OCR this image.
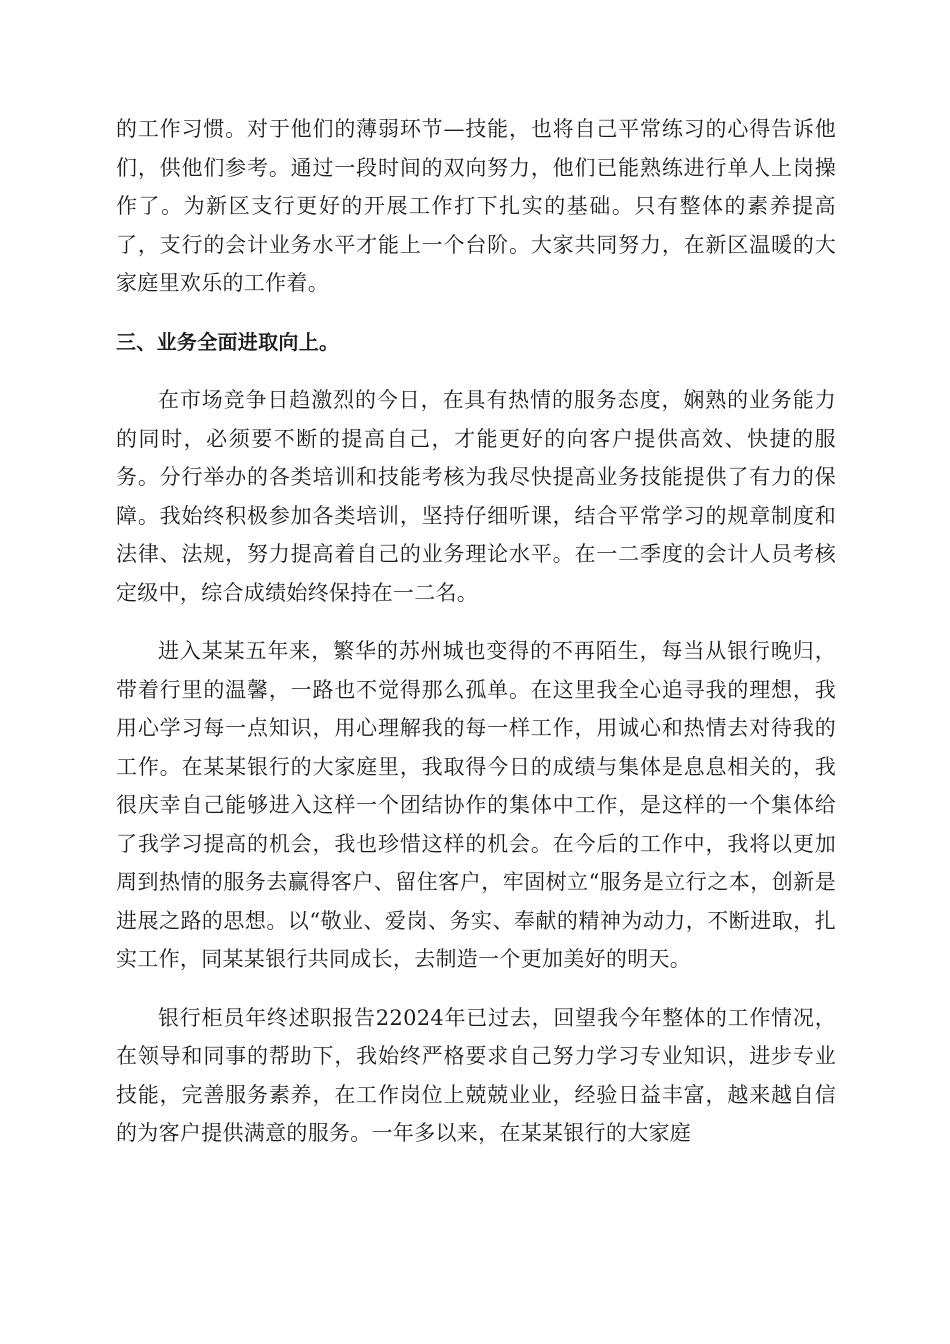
的工作习惯。对于他们的薄弱环节—技能，也将自己平常练习的心得告诉他们，供他们参考。通过一段时间的双向努力，他们已能熟练进行单人上岗操作了。为新区支行更好的开展工作打下扎实的基础。只有整体的素养提高了，支行的会计业务水平才能上一个台阶。大家共同努力，在新区温暖的大家庭里欢乐的工作着。

三、业务全面进取向上。

在市场竞争日趋激烈的今日，在具有热情的服务态度，娴熟的业务能力的同时，必须要不断的提高自己，才能更好的向客户提供高效、快捷的服务。分行举办的各类培训和技能考核为我尽快提高业务技能提供了有力的保障。我始终积极参加各类培训，坚持仔细听课，结合平常学习的规章制度和法律、法规，努力提高着自己的业务理论水平。在一二季度的会计人员考核定级中，综合成绩始终保持在一二名。

进入某某五年来，繁华的苏州城也变得的不再陌生，每当从银行晚归，带着行里的温馨，一路也不觉得那么孤单。在这里我全心追寻我的理想，我用心学习每一点知识，用心理解我的每一样工作，用诚心和热情去对待我的工作。在某某银行的大家庭里，我取得今日的成绩与集体是息息相关的，我很庆幸自己能够进入这样一个团结协作的集体中工作，是这样的一个集体给了我学习提高的机会，我也珍惜这样的机会。在今后的工作中，我将以更加周到热情的服务去赢得客户、留住客户，牢固树立“服务是立行之本，创新是进展之路的思想。以“敬业、爱岗、务实、奉献的精神为动力，不断进取，扎实工作，同某某银行共同成长，去制造一个更加美好的明天。

银行柜员年终述职报告22024年已过去，回望我今年整体的工作情况，在领导和同事的帮助下，我始终严格要求自己努力学习专业知识，进步专业技能，完善服务素养，在工作岗位上兢兢业业，经验日益丰富，越来越自信的为客户提供满意的服务。一年多以来，在某某银行的大家庭
